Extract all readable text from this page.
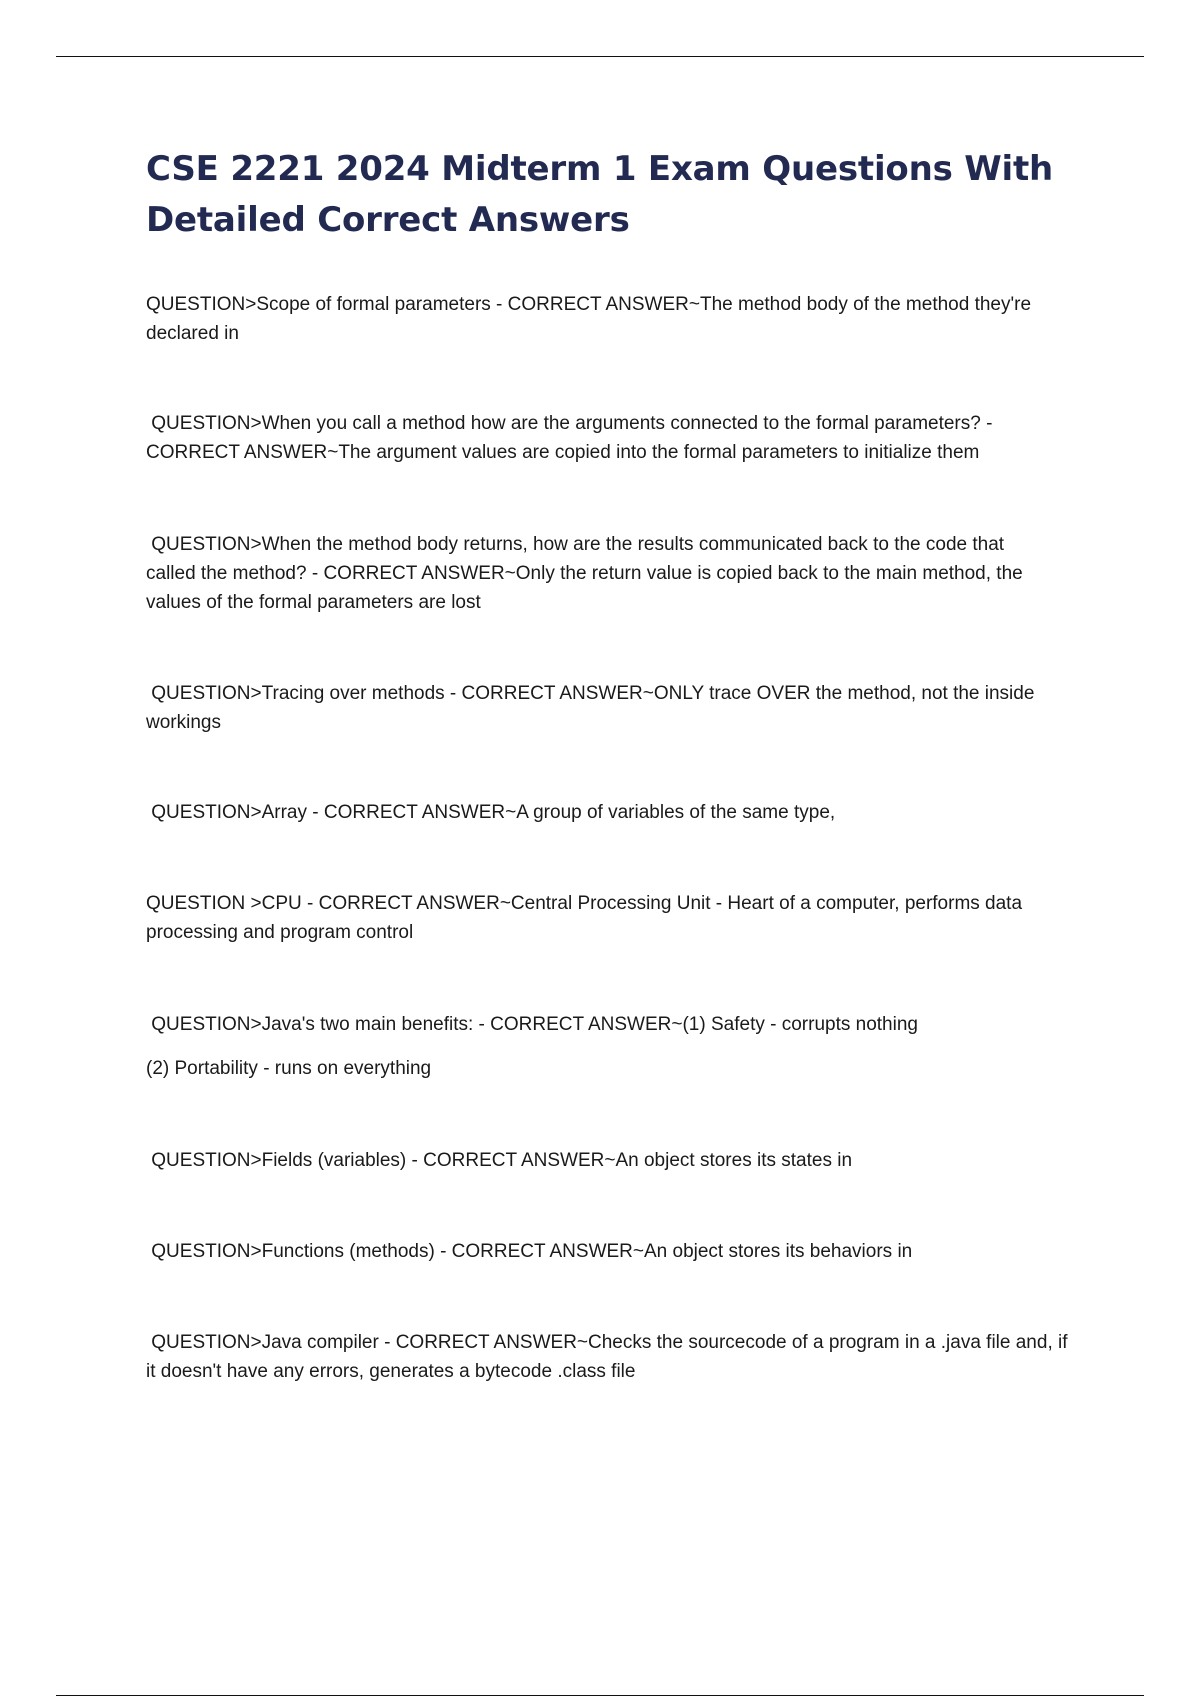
CSE 2221 2024 Midterm 1 Exam Questions With
Detailed Correct Answers

QUESTION>Scope of formal parameters - CORRECT ANSWER~The method body of the method they're
declared in

QUESTION>When you call a method how are the arguments connected to the formal parameters? -
CORRECT ANSWER~The argument values are copied into the formal parameters to initialize them

QUESTION>When the method body returns, how are the results communicated back to the code that
called the method? - CORRECT ANSWER~Only the return value is copied back to the main method, the
values of the formal parameters are lost

QUESTION>Tracing over methods - CORRECT ANSWER~ONLY trace OVER the method, not the inside
workings

QUESTION>Array - CORRECT ANSWER~A group of variables of the same type,

QUESTION >CPU - CORRECT ANSWER~Central Processing Unit - Heart of a computer, performs data
processing and program control

QUESTION>Java's two main benefits: - CORRECT ANSWER~(1) Safety - corrupts nothing
(2) Portability - runs on everything

QUESTION>Fields (variables) - CORRECT ANSWER~An object stores its states in

QUESTION>Functions (methods) - CORRECT ANSWER~An object stores its behaviors in

QUESTION>Java compiler - CORRECT ANSWER~Checks the sourcecode of a program in a .java file and, if
it doesn't have any errors, generates a bytecode .class file
